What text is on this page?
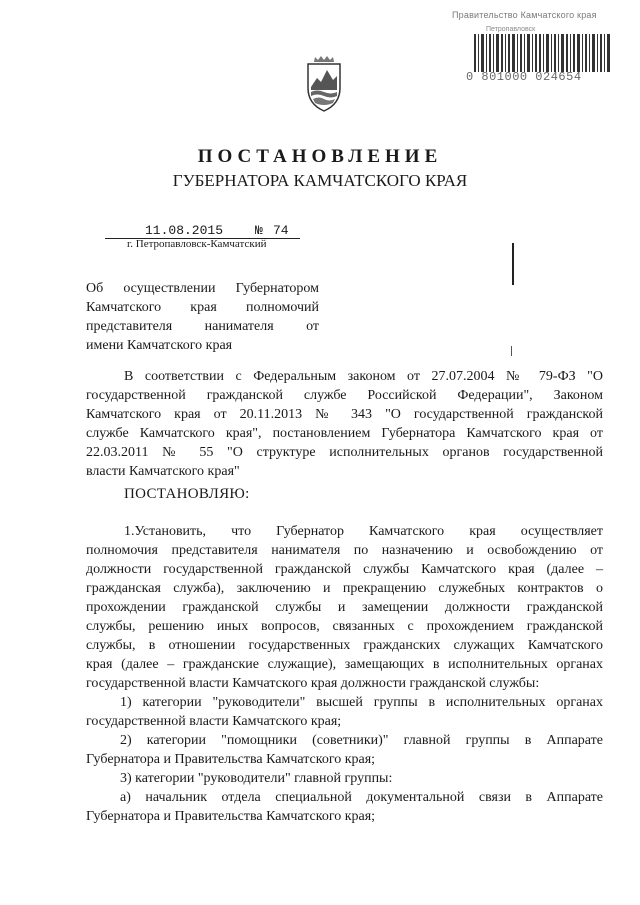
Правительство Камчатского края
Петропавловск
0 801000 024654
ПОСТАНОВЛЕНИЕ
ГУБЕРНАТОРА КАМЧАТСКОГО КРАЯ
11.08.2015 № 74
г. Петропавловск-Камчатский
Об осуществлении Губернатором
Камчатского края полномочий
представителя нанимателя от
имени Камчатского края
В соответствии с Федеральным законом от 27.07.2004 № 79-ФЗ "О
государственной гражданской службе Российской Федерации", Законом
Камчатского края от 20.11.2013 № 343 "О государственной гражданской
службе Камчатского края", постановлением Губернатора Камчатского края от
22.03.2011 № 55 "О структуре исполнительных органов государственной
власти Камчатского края"
ПОСТАНОВЛЯЮ:
1.Установить, что Губернатор Камчатского края осуществляет
полномочия представителя нанимателя по назначению и освобождению от
должности государственной гражданской службы Камчатского края (далее –
гражданская служба), заключению и прекращению служебных контрактов о
прохождении гражданской службы и замещении должности гражданской
службы, решению иных вопросов, связанных с прохождением гражданской
службы, в отношении государственных гражданских служащих Камчатского
края (далее – гражданские служащие), замещающих в исполнительных органах
государственной власти Камчатского края должности гражданской службы:
1) категории "руководители" высшей группы в исполнительных органах
государственной власти Камчатского края;
2) категории "помощники (советники)" главной группы в Аппарате
Губернатора и Правительства Камчатского края;
3) категории "руководители" главной группы:
а) начальник отдела специальной документальной связи в Аппарате
Губернатора и Правительства Камчатского края;
